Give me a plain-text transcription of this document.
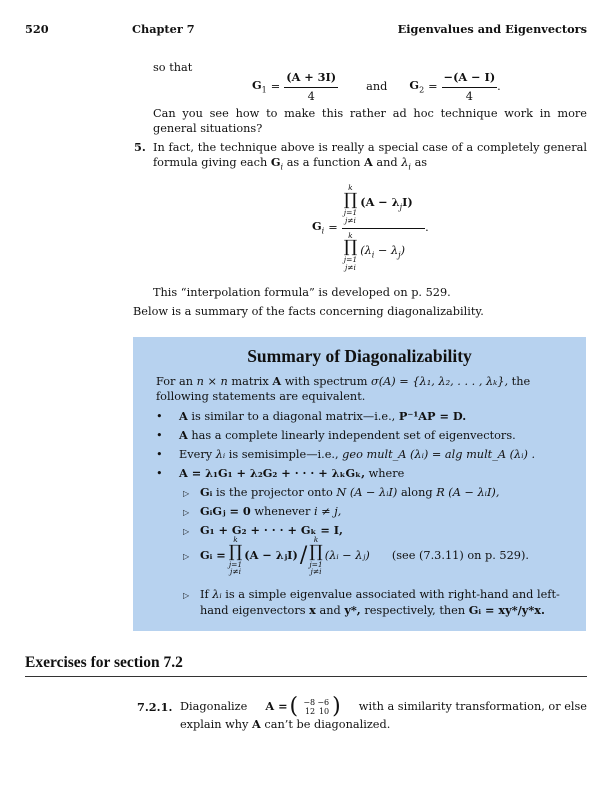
520	Chapter 7	Eigenvalues and Eigenvectors
so that
$G_1 = \frac{(A + 3I)}{4}$ and $G_2 = \frac{-(A - I)}{4}$ .
Can you see how to make this rather ad hoc technique work in more general situations?
5. In fact, the technique above is really a special case of a completely general formula giving each $G_i$ as a function A and $\lambda_i$ as
$G_i$ =
k
∏
j=1
j≠i
$(A - \lambda_jI)$
k
∏
j=1
j≠i
$(\lambda_i - \lambda_j)$
.
This “interpolation formula” is developed on p. 529.
Below is a summary of the facts concerning diagonalizability.
Summary of Diagonalizability
For an n × n matrix A with spectrum σ(A) = {λ₁, λ₂, . . . , λₖ}, the
following statements are equivalent.
• A is similar to a diagonal matrix—i.e., P⁻¹AP = D.
• A has a complete linearly independent set of eigenvectors.
• Every λᵢ is semisimple—i.e., geo mult_A (λᵢ) = alg mult_A (λᵢ) .
• A = λ₁G₁ + λ₂G₂ + · · · + λₖGₖ, where
▷ Gᵢ is the projector onto N (A − λᵢI) along R (A − λᵢI),
▷ GᵢGⱼ = 0 whenever i ≠ j,
▷ G₁ + G₂ + · · · + Gₖ = I,
▷ Gᵢ =
k
∏
j=1
j≠i
(A − λⱼI) /
k
∏
j=1
j≠i
(λᵢ − λⱼ) (see (7.3.11) on p. 529).
▷ If λᵢ is a simple eigenvalue associated with right-hand and left-
hand eigenvectors x and y*, respectively, then Gᵢ = xy*/y*x.
Exercises for section 7.2
7.2.1. Diagonalize A = ( −8 −6
12 10 ) with a similarity transformation, or else
explain why A can’t be diagonalized.
